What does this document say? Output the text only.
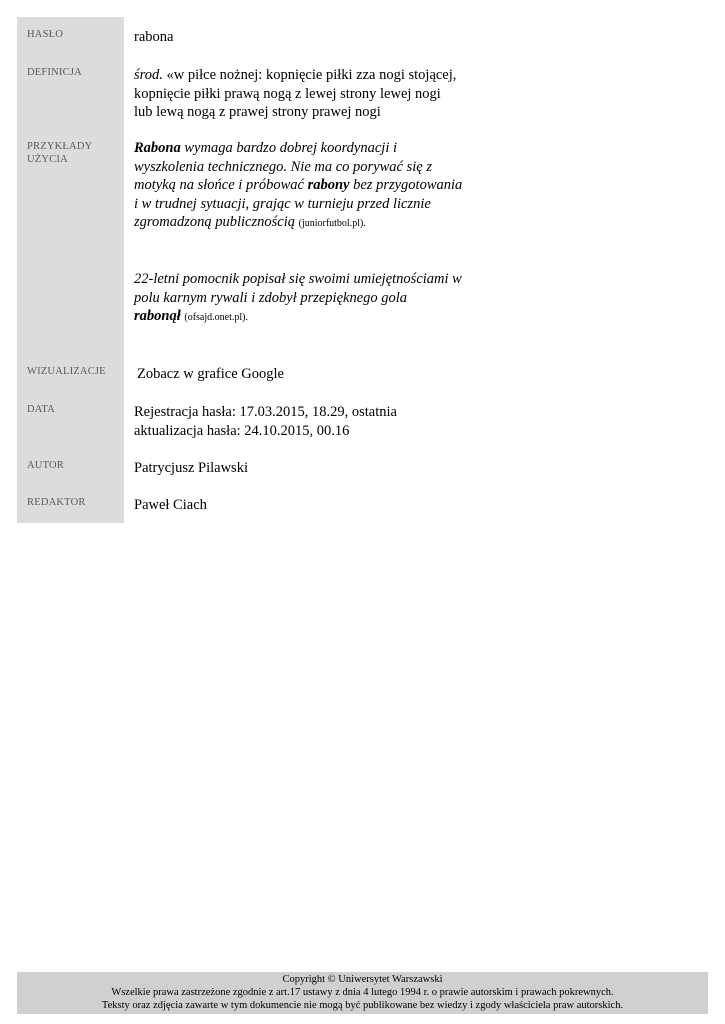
HASŁO
DEFINICJA
PRZYKŁADY
UŻYCIA
WIZUALIZACJE
DATA
AUTOR
REDAKTOR
rabona
środ. «w piłce nożnej: kopnięcie piłki zza nogi stojącej,
kopnięcie piłki prawą nogą z lewej strony lewej nogi
lub lewą nogą z prawej strony prawej nogi
Rabona wymaga bardzo dobrej koordynacji i
wyszkolenia technicznego. Nie ma co porywać się z
motyką na słońce i próbować rabony bez przygotowania
i w trudnej sytuacji, grając w turnieju przed licznie
zgromadzoną publicznością (juniorfutbol.pl).
22-letni pomocnik popisał się swoimi umiejętnościami w
polu karnym rywali i zdobył przepięknego gola
rabonął (ofsajd.onet.pl).
Zobacz w grafice Google
Rejestracja hasła: 17.03.2015, 18.29, ostatnia
aktualizacja hasła: 24.10.2015, 00.16
Patrycjusz Pilawski
Paweł Ciach
Copyright © Uniwersytet Warszawski
Wszelkie prawa zastrzeżone zgodnie z art.17 ustawy z dnia 4 lutego 1994 r. o prawie autorskim i prawach pokrewnych.
Teksty oraz zdjęcia zawarte w tym dokumencie nie mogą być publikowane bez wiedzy i zgody właściciela praw autorskich.
